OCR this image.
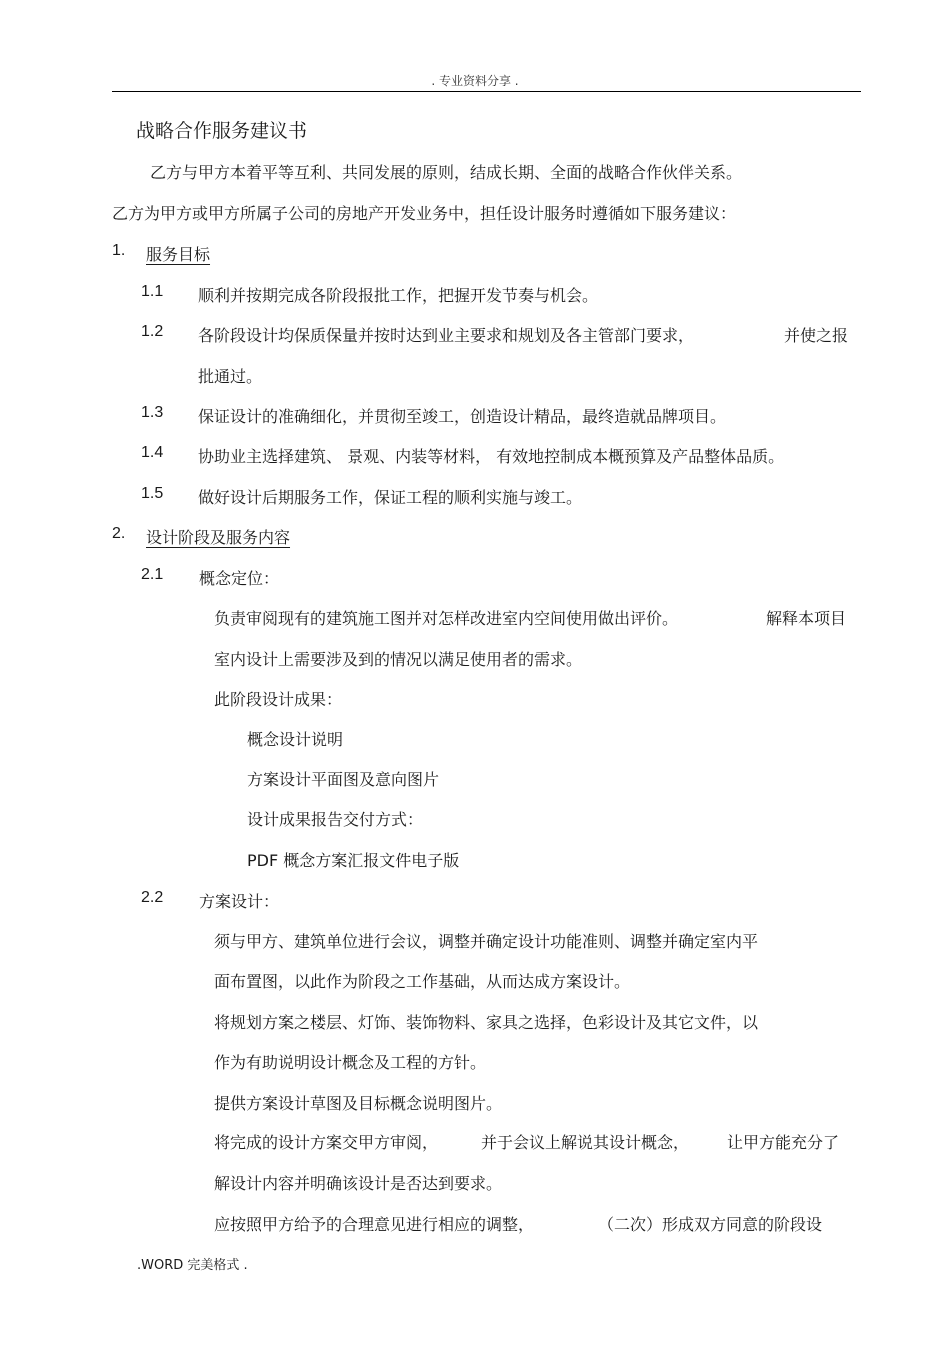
. 专业资料分享 .
战略合作服务建议书
乙方与甲方本着平等互利、共同发展的原则，结成长期、全面的战略合作伙伴关系。
乙方为甲方或甲方所属子公司的房地产开发业务中，担任设计服务时遵循如下服务建议：
1. 服务目标
1.1 顺利并按期完成各阶段报批工作，把握开发节奏与机会。
1.2 各阶段设计均保质保量并按时达到业主要求和规划及各主管部门要求，	并使之报
批通过。
1.3 保证设计的准确细化，并贯彻至竣工，创造设计精品，最终造就品牌项目。
1.4 协助业主选择建筑、 景观、内装等材料， 有效地控制成本概预算及产品整体品质。
1.5 做好设计后期服务工作，保证工程的顺利实施与竣工。
2. 设计阶段及服务内容
2.1 概念定位：
负责审阅现有的建筑施工图并对怎样改进室内空间使用做出评价。	解释本项目
室内设计上需要涉及到的情况以满足使用者的需求。
此阶段设计成果：
概念设计说明
方案设计平面图及意向图片
设计成果报告交付方式：
PDF 概念方案汇报文件电子版
2.2 方案设计：
须与甲方、建筑单位进行会议，调整并确定设计功能准则、调整并确定室内平
面布置图，以此作为阶段之工作基础，从而达成方案设计。
将规划方案之楼层、灯饰、装饰物料、家具之选择，色彩设计及其它文件，以
作为有助说明设计概念及工程的方针。
提供方案设计草图及目标概念说明图片。
将完成的设计方案交甲方审阅，	并于会议上解说其设计概念， 让甲方能充分了
解设计内容并明确该设计是否达到要求。
应按照甲方给予的合理意见进行相应的调整，	（二次）形成双方同意的阶段设
.WORD 完美格式 .
